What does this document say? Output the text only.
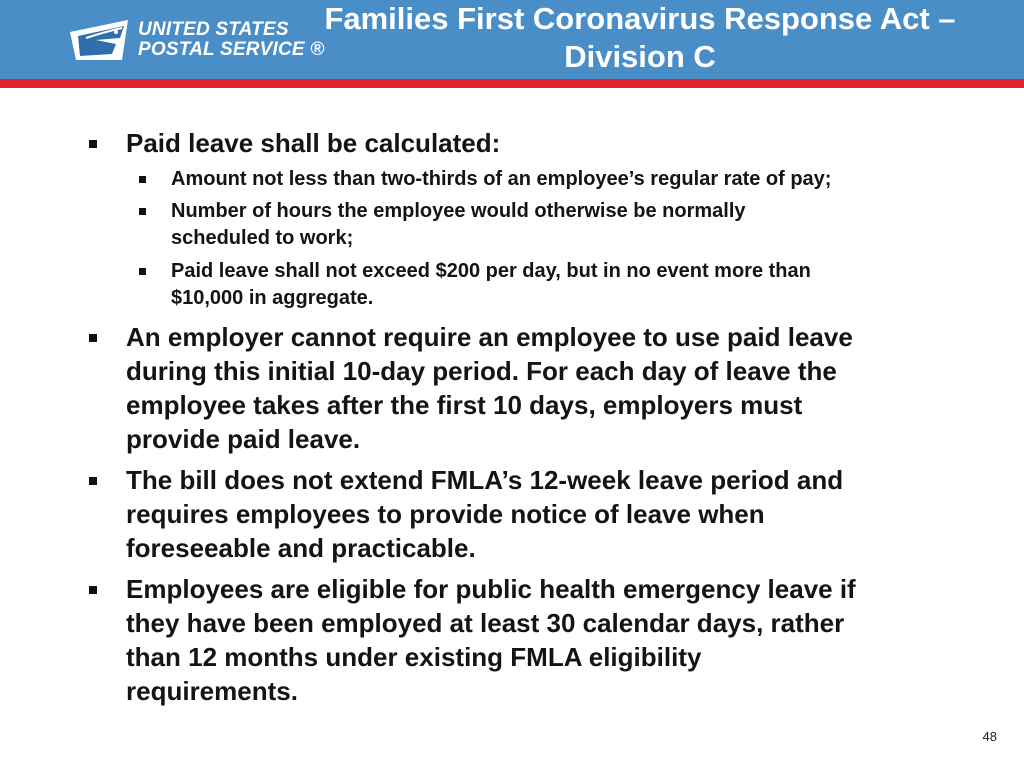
UNITED STATES
POSTAL SERVICE ®
Families First Coronavirus Response Act –
Division C
Paid leave shall be calculated:
Amount not less than two-thirds of an employee’s regular rate of pay;
Number of hours the employee would otherwise be normally
scheduled to work;
Paid leave shall not exceed $200 per day, but in no event more than
$10,000 in aggregate.
An employer cannot require an employee to use paid leave
during this initial 10-day period. For each day of leave the
employee takes after the first 10 days, employers must
provide paid leave.
The bill does not extend FMLA’s 12-week leave period and
requires employees to provide notice of leave when
foreseeable and practicable.
Employees are eligible for public health emergency leave if
they have been employed at least 30 calendar days, rather
than 12 months under existing FMLA eligibility
requirements.
48
